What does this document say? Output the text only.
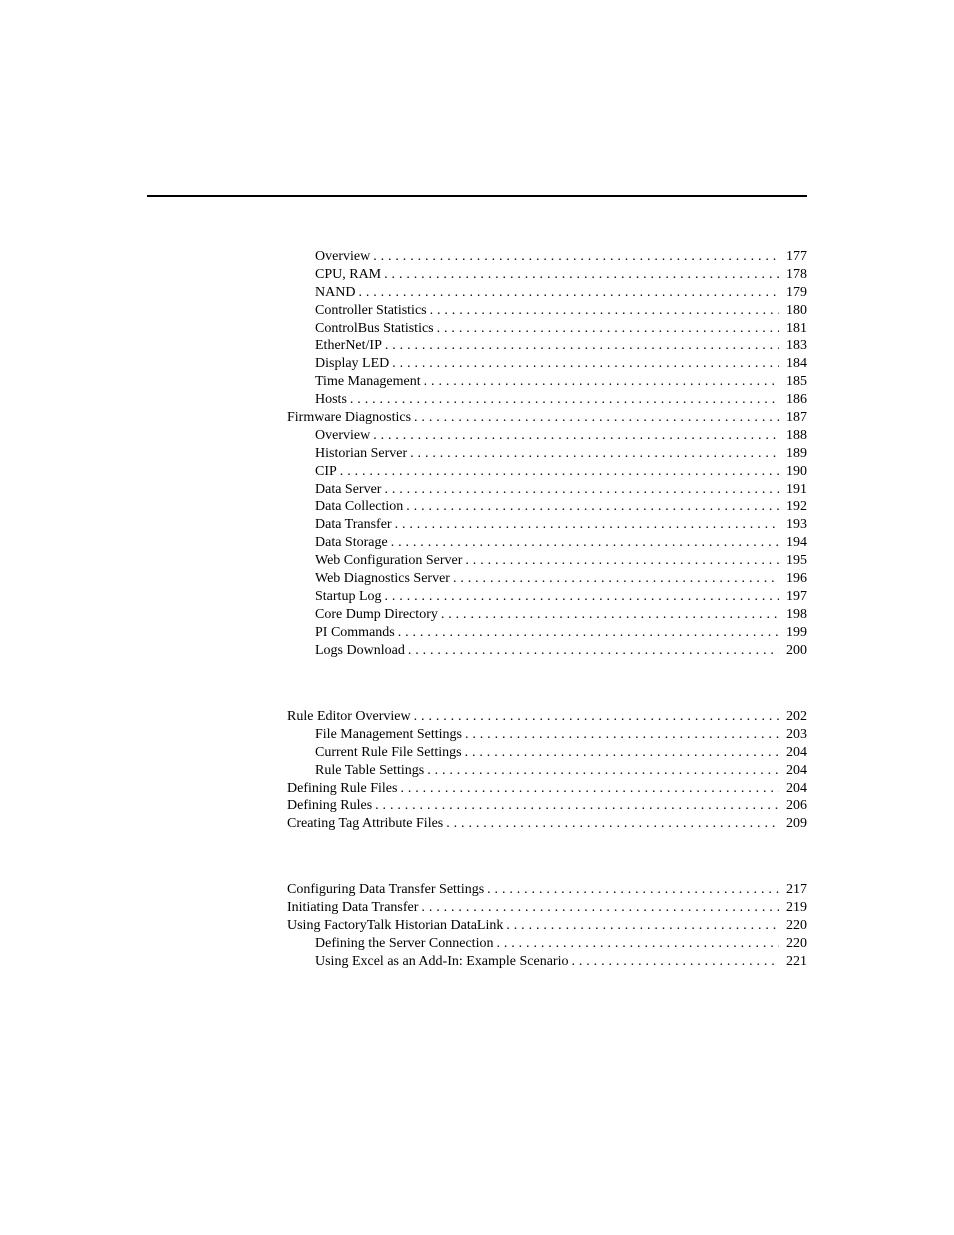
Overview . . .	177
CPU, RAM . . .	178
NAND . . .	179
Controller Statistics . . .	180
ControlBus Statistics . . .	181
EtherNet/IP . . .	183
Display LED . . .	184
Time Management . . .	185
Hosts . . .	186
Firmware Diagnostics . . .	187
Overview . . .	188
Historian Server . . .	189
CIP . . .	190
Data Server . . .	191
Data Collection . . .	192
Data Transfer . . .	193
Data Storage . . .	194
Web Configuration Server . . .	195
Web Diagnostics Server . . .	196
Startup Log . . .	197
Core Dump Directory . . .	198
PI Commands . . .	199
Logs Download . . .	200
Rule Editor Overview . . .	202
File Management Settings . . .	203
Current Rule File Settings . . .	204
Rule Table Settings . . .	204
Defining Rule Files . . .	204
Defining Rules . . .	206
Creating Tag Attribute Files . . .	209
Configuring Data Transfer Settings . . .	217
Initiating Data Transfer . . .	219
Using FactoryTalk Historian DataLink . . .	220
Defining the Server Connection . . .	220
Using Excel as an Add-In: Example Scenario . . .	221
